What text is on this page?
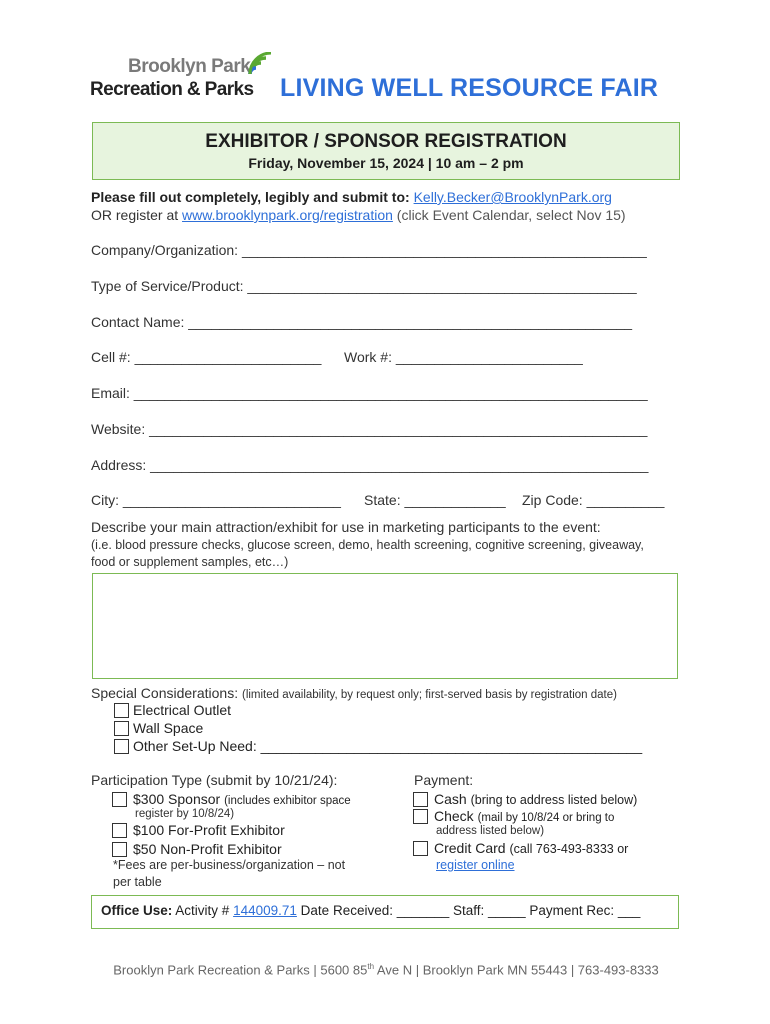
Brooklyn Park
Recreation & Parks LIVING WELL RESOURCE FAIR
EXHIBITOR / SPONSOR REGISTRATION
Friday, November 15, 2024 | 10 am – 2 pm
Please fill out completely, legibly and submit to: Kelly.Becker@BrooklynPark.org
OR register at www.brooklynpark.org/registration (click Event Calendar, select Nov 15)
Company/Organization: ____________________________________________________
Type of Service/Product: __________________________________________________
Contact Name: _________________________________________________________
Cell #: ________________________ Work #: ________________________
Email: __________________________________________________________________
Website: ________________________________________________________________
Address: ________________________________________________________________
City: ____________________________ State: _____________ Zip Code: __________
Describe your main attraction/exhibit for use in marketing participants to the event:
(i.e. blood pressure checks, glucose screen, demo, health screening, cognitive screening, giveaway, food or supplement samples, etc…)
Special Considerations: (limited availability, by request only; first-served basis by registration date)
Electrical Outlet
Wall Space
Other Set-Up Need: _________________________________________________
Participation Type (submit by 10/21/24):
$300 Sponsor (includes exhibitor space
register by 10/8/24)
$100 For-Profit Exhibitor
$50 Non-Profit Exhibitor
*Fees are per-business/organization – not
per table
Payment:
Cash (bring to address listed below)
Check (mail by 10/8/24 or bring to
address listed below)
Credit Card (call 763-493-8333 or
register online
Office Use: Activity # 144009.71 Date Received: _______ Staff: _____ Payment Rec: ___
Brooklyn Park Recreation & Parks | 5600 85th Ave N | Brooklyn Park MN 55443 | 763-493-8333
